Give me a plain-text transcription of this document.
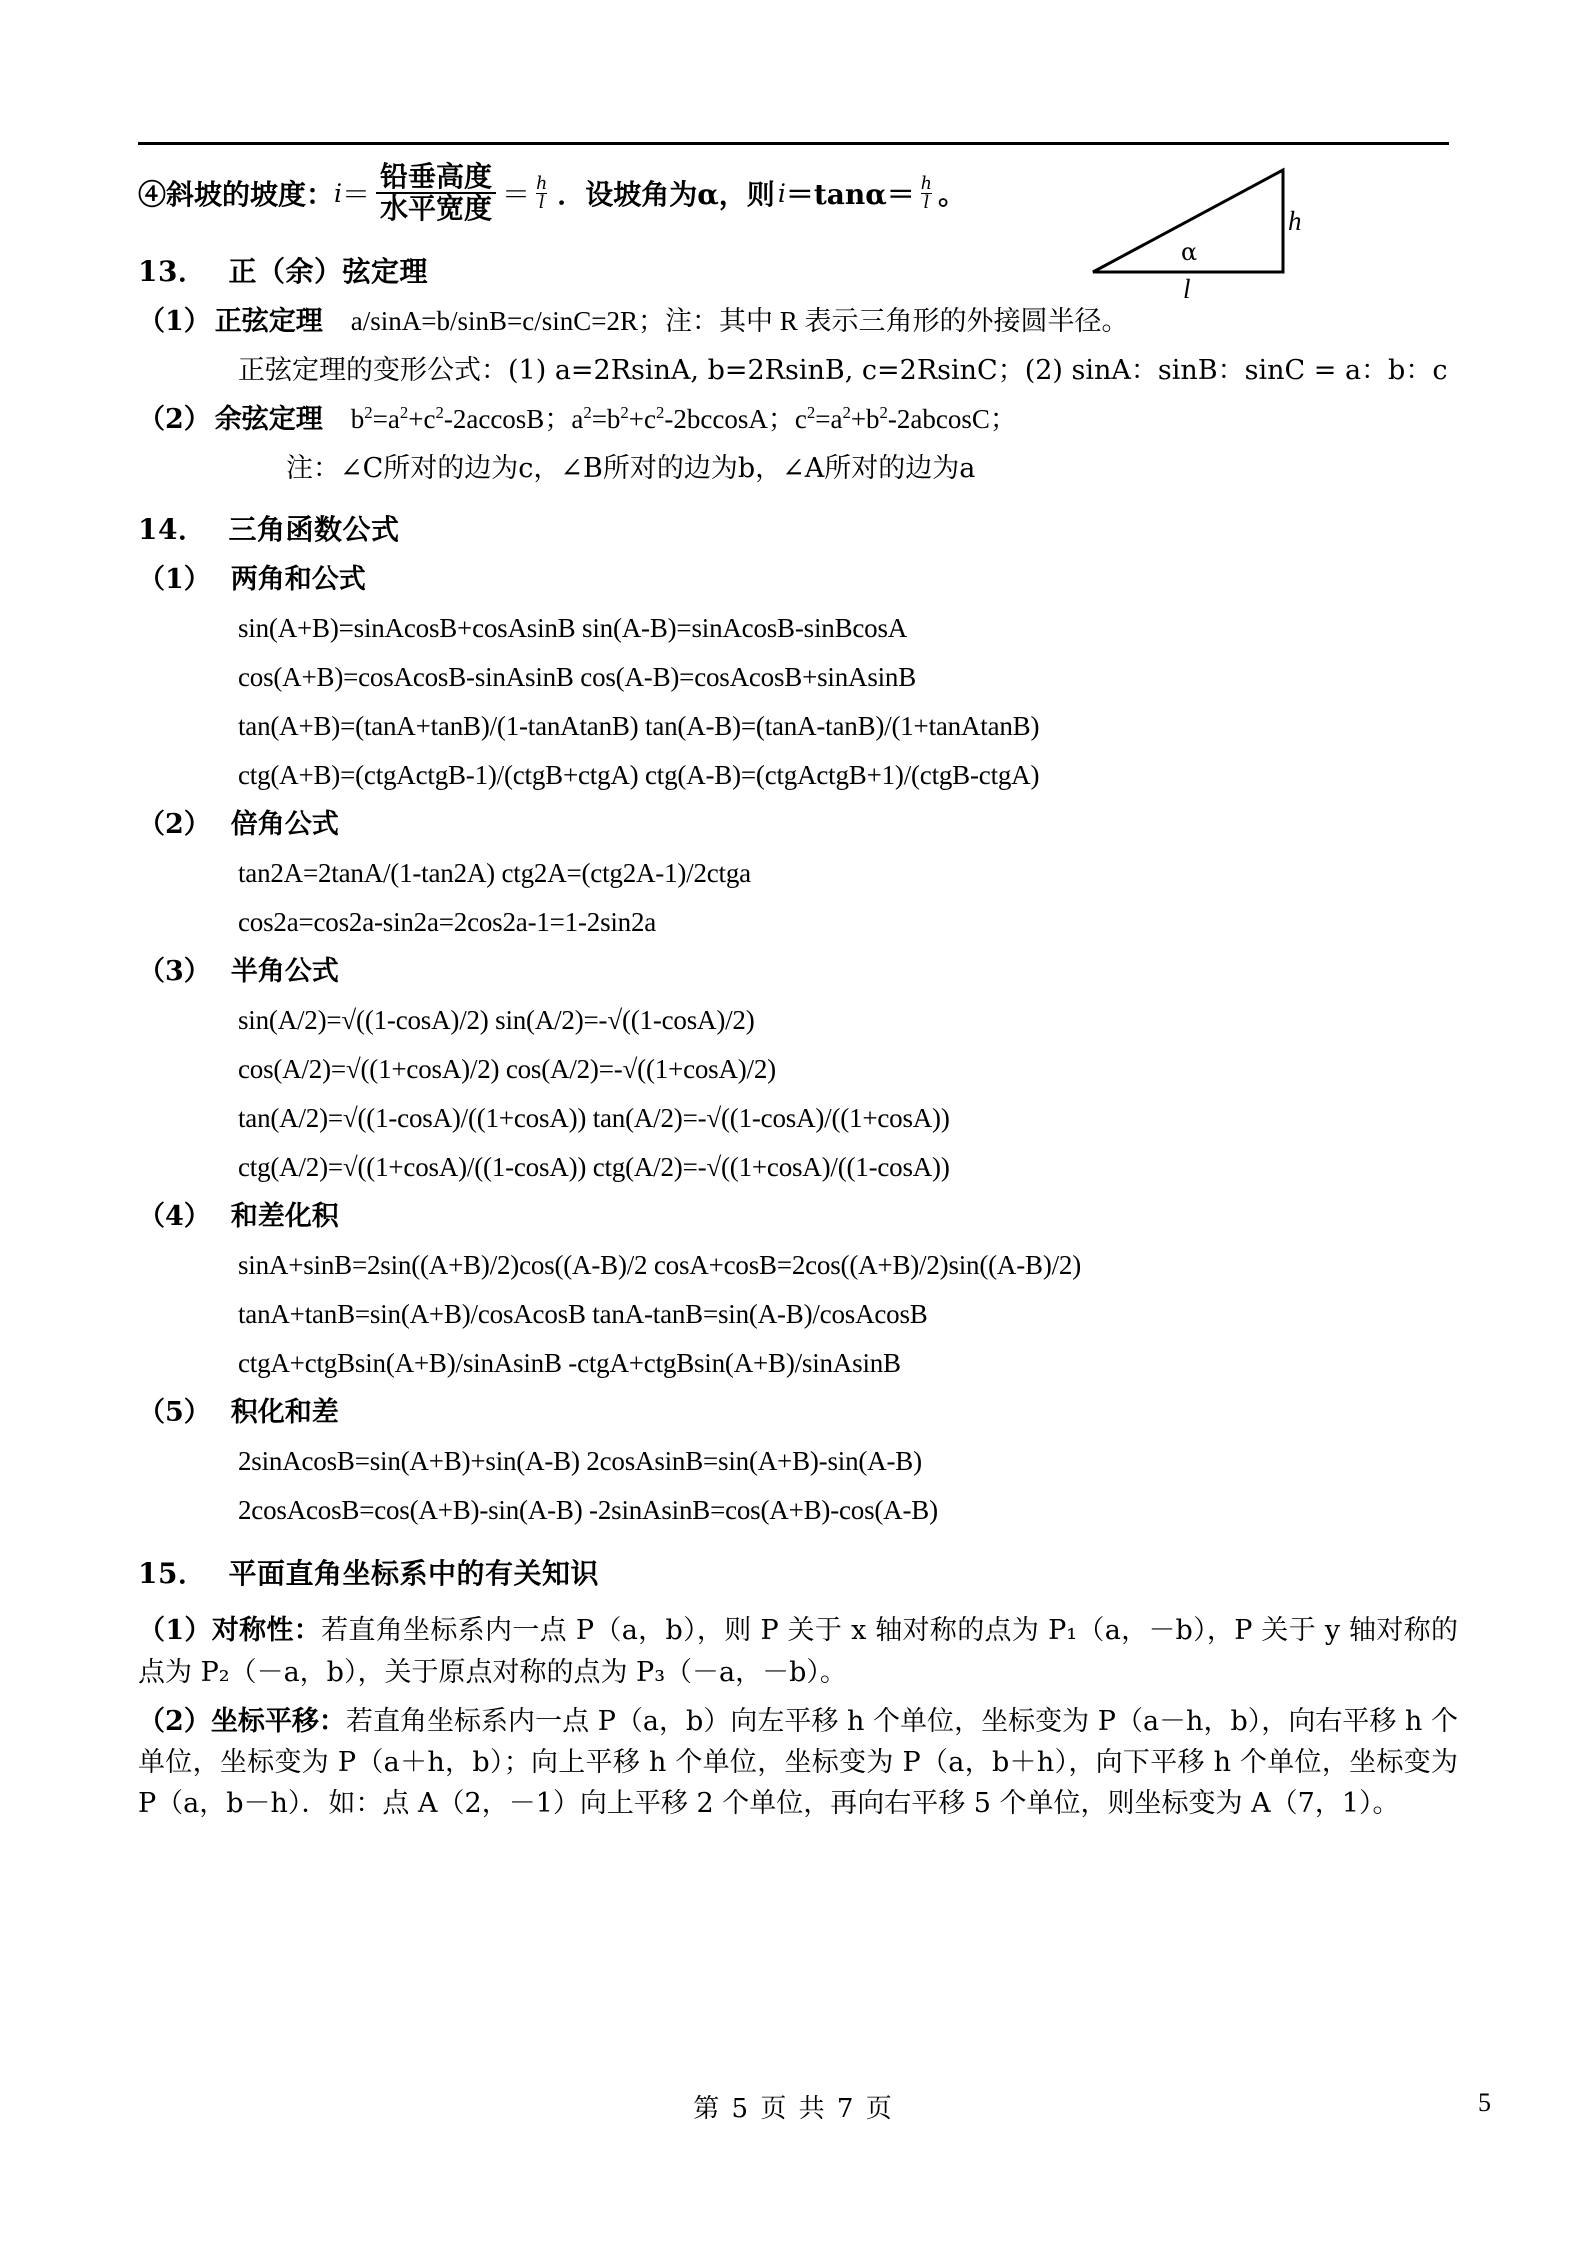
h
α
l
④斜坡的坡度： $i = \frac{\text{铅垂高度}}{\text{水平宽度}} = \frac{h}{l}$ ．设坡角为α，则 $i =\tan\alpha= \frac{h}{l}$ 。
13． 正（余）弦定理
（1） 正弦定理 a/sinA=b/sinB=c/sinC=2R；注：其中 R 表示三角形的外接圆半径。
正弦定理的变形公式：(1) a=2RsinA, b=2RsinB, c=2RsinC；(2) sinA：sinB：sinC = a：b：c
（2） 余弦定理 $b^2=a^2+c^2-2accosB$；$a^2=b^2+c^2-2bccosA$；$c^2=a^2+b^2-2abcosC$；
注：∠C所对的边为c，∠B所对的边为b，∠A所对的边为a
14． 三角函数公式
（1） 两角和公式
sin(A+B)=sinAcosB+cosAsinB sin(A-B)=sinAcosB-sinBcosA
cos(A+B)=cosAcosB-sinAsinB cos(A-B)=cosAcosB+sinAsinB
tan(A+B)=(tanA+tanB)/(1-tanAtanB) tan(A-B)=(tanA-tanB)/(1+tanAtanB)
ctg(A+B)=(ctgActgB-1)/(ctgB+ctgA) ctg(A-B)=(ctgActgB+1)/(ctgB-ctgA)
（2） 倍角公式
tan2A=2tanA/(1-tan2A) ctg2A=(ctg2A-1)/2ctga
cos2a=cos2a-sin2a=2cos2a-1=1-2sin2a
（3） 半角公式
sin(A/2)=√((1-cosA)/2) sin(A/2)=-√((1-cosA)/2)
cos(A/2)=√((1+cosA)/2) cos(A/2)=-√((1+cosA)/2)
tan(A/2)=√((1-cosA)/((1+cosA)) tan(A/2)=-√((1-cosA)/((1+cosA))
ctg(A/2)=√((1+cosA)/((1-cosA)) ctg(A/2)=-√((1+cosA)/((1-cosA))
（4） 和差化积
sinA+sinB=2sin((A+B)/2)cos((A-B)/2 cosA+cosB=2cos((A+B)/2)sin((A-B)/2)
tanA+tanB=sin(A+B)/cosAcosB tanA-tanB=sin(A-B)/cosAcosB
ctgA+ctgBsin(A+B)/sinAsinB -ctgA+ctgBsin(A+B)/sinAsinB
（5） 积化和差
2sinAcosB=sin(A+B)+sin(A-B) 2cosAsinB=sin(A+B)-sin(A-B)
2cosAcosB=cos(A+B)-sin(A-B) -2sinAsinB=cos(A+B)-cos(A-B)
15． 平面直角坐标系中的有关知识
（1）对称性：若直角坐标系内一点 P（a，b），则 P 关于 x 轴对称的点为 P₁（a，－b），P 关于 y 轴对称的点为 P₂（－a，b），关于原点对称的点为 P₃（－a，－b）。
（2）坐标平移：若直角坐标系内一点 P（a，b）向左平移 h 个单位，坐标变为 P（a－h，b），向右平移 h 个单位，坐标变为 P（a＋h，b）；向上平移 h 个单位，坐标变为 P（a，b＋h），向下平移 h 个单位，坐标变为 P（a，b－h）．如：点 A（2，－1）向上平移 2 个单位，再向右平移 5 个单位，则坐标变为 A（7，1）。
第 5 页 共 7 页	5
